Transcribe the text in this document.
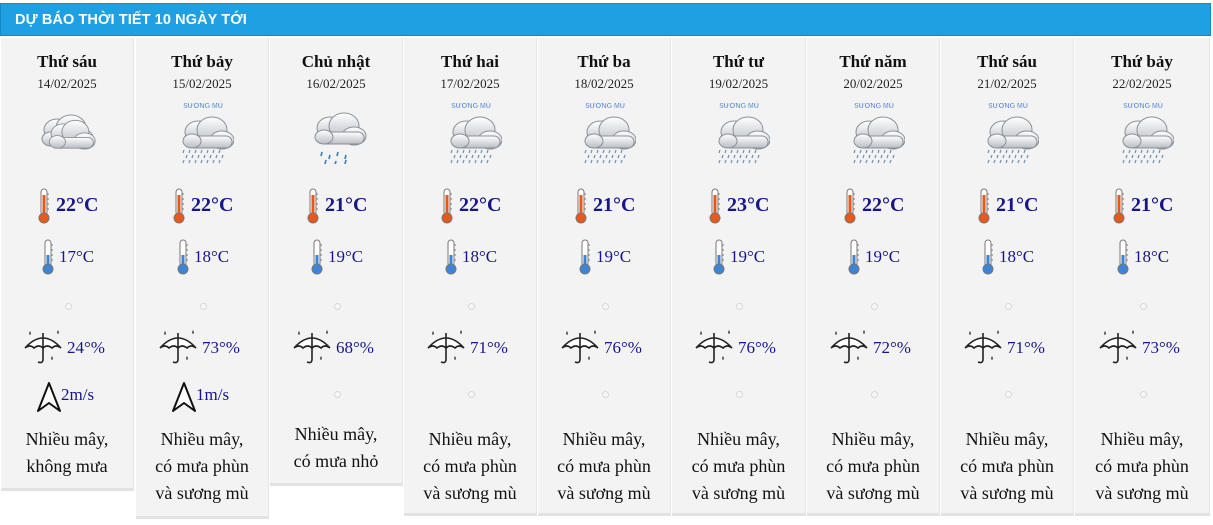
DỰ BÁO THỜI TIẾT 10 NGÀY TỚI
Thứ sáu
14/02/2025
22°C
17°C
24°%
2m/s
Nhiều mây,
không mưa
Thứ bảy
15/02/2025
SƯƠNG MÙ
22°C
18°C
73°%
1m/s
Nhiều mây,
có mưa phùn
và sương mù
Chủ nhật
16/02/2025
21°C
19°C
68°%
Nhiều mây,
có mưa nhỏ
Thứ hai
17/02/2025
SƯƠNG MÙ
22°C
18°C
71°%
Nhiều mây,
có mưa phùn
và sương mù
Thứ ba
18/02/2025
SƯƠNG MÙ
21°C
19°C
76°%
Nhiều mây,
có mưa phùn
và sương mù
Thứ tư
19/02/2025
SƯƠNG MÙ
23°C
19°C
76°%
Nhiều mây,
có mưa phùn
và sương mù
Thứ năm
20/02/2025
SƯƠNG MÙ
22°C
19°C
72°%
Nhiều mây,
có mưa phùn
và sương mù
Thứ sáu
21/02/2025
SƯƠNG MÙ
21°C
18°C
71°%
Nhiều mây,
có mưa phùn
và sương mù
Thứ bảy
22/02/2025
SƯƠNG MÙ
21°C
18°C
73°%
Nhiều mây,
có mưa phùn
và sương mù
